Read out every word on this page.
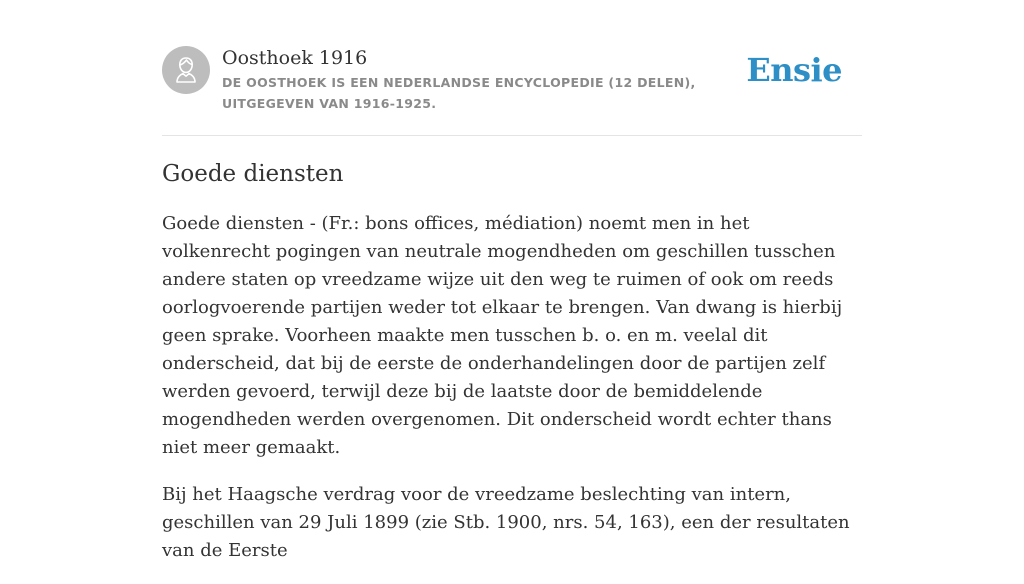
Oosthoek 1916

DE OOSTHOEK IS EEN NEDERLANDSE ENCYCLOPEDIE (12 DELEN), UITGEGEVEN VAN 1916-1925.

Ensie
Goede diensten

Goede diensten - (Fr.: bons offices, médiation) noemt men in het volkenrecht pogingen van neutrale mogendheden om geschillen tusschen andere staten op vreedzame wijze uit den weg te ruimen of ook om reeds oorlogvoerende partijen weder tot elkaar te brengen. Van dwang is hierbij geen sprake. Voorheen maakte men tusschen b. o. en m. veelal dit onderscheid, dat bij de eerste de onderhandelingen door de partijen zelf werden gevoerd, terwijl deze bij de laatste door de bemiddelende mogendheden werden overgenomen. Dit onderscheid wordt echter thans niet meer gemaakt.

Bij het Haagsche verdrag voor de vreedzame beslechting van intern, geschillen van 29 Juli 1899 (zie Stb. 1900, nrs. 54, 163), een der resultaten van de Eerste
